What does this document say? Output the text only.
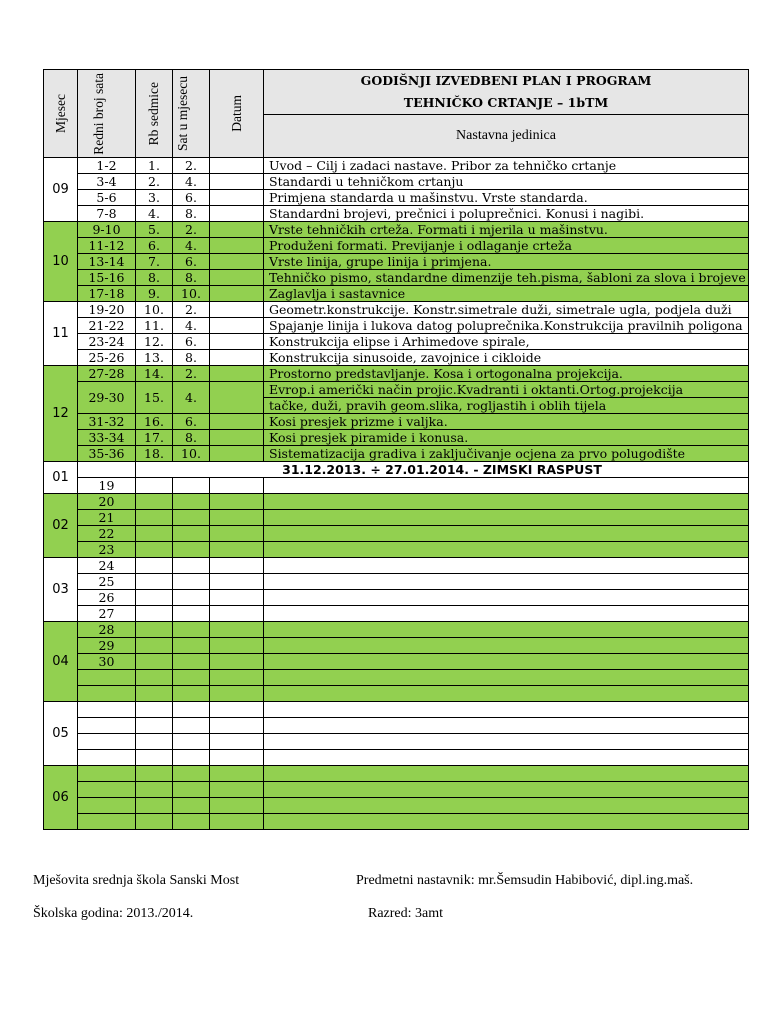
Mjesec	Redni broj sata	Rb sedmice	Sat u mjesecu	Datum	GODIŠNJI IZVEDBENI PLAN I PROGRAM
TEHNIČKO CRTANJE – 1bTM

					Nastavna jedinica
09	1-2	1.	2.		Uvod – Cilj i zadaci nastave. Pribor za tehničko crtanje
	3-4	2.	4.		Standardi u tehničkom crtanju
	5-6	3.	6.		Primjena standarda u mašinstvu. Vrste standarda.
	7-8	4.	8.		Standardni brojevi, prečnici i poluprečnici. Konusi i nagibi.
10	9-10	5.	2.		Vrste tehničkih crteža. Formati i mjerila u mašinstvu.
	11-12	6.	4.		Produženi formati. Previjanje i odlaganje crteža
	13-14	7.	6.		Vrste linija, grupe linija i primjena.
	15-16	8.	8.		Tehničko pismo, standardne dimenzije teh.pisma, šabloni za slova i brojeve
	17-18	9.	10.		Zaglavlja i sastavnice
11	19-20	10.	2.		Geometr.konstrukcije. Konstr.simetrale duži, simetrale ugla, podjela duži
	21-22	11.	4.		Spajanje linija i lukova datog poluprečnika.Konstrukcija pravilnih poligona
	23-24	12.	6.		Konstrukcija elipse i Arhimedove spirale,
	25-26	13.	8.		Konstrukcija sinusoide, zavojnice i cikloide
12	27-28	14.	2.		Prostorno predstavljanje. Kosa i ortogonalna projekcija.
	29-30	15.	4.		Evrop.i američki način projic.Kvadranti i oktanti.Ortog.projekcija
					tačke, duži, pravih geom.slika, rogljastih i oblih tijela
	31-32	16.	6.		Kosi presjek prizme i valjka.
	33-34	17.	8.		Kosi presjek piramide i konusa.
	35-36	18.	10.		Sistematizacija gradiva i zaključivanje ocjena za prvo polugodište
01		31.12.2013. ÷ 27.01.2014. - ZIMSKI RASPUST			
	19				
02	20				
	21				
	22				
	23				
03	24				
	25				
	26				
	27				
04	28				
	29				
	30				

05					

06					

Mješovita srednja škola Sanski Most	Predmetni nastavnik: mr.Šemsudin Habibović, dipl.ing.maš.
Školska godina: 2013./2014.	Razred: 3amt
